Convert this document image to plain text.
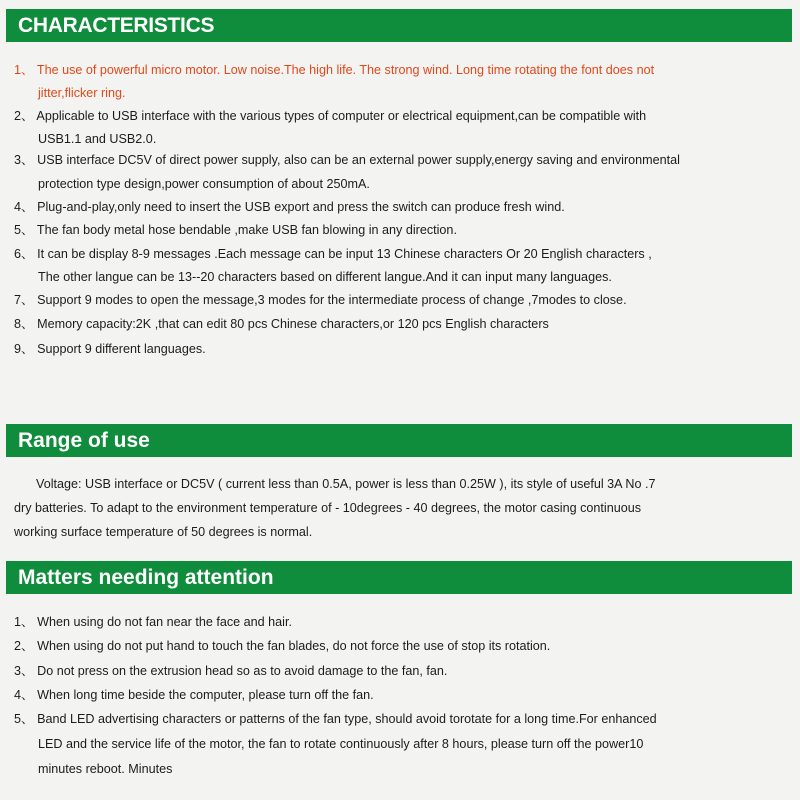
CHARACTERISTICS
1、 The use of powerful micro motor. Low noise.The high life. The strong wind. Long time rotating the font does not
jitter,flicker ring.
2、 Applicable to USB interface with the various types of computer or electrical equipment,can be compatible with
USB1.1 and USB2.0.
3、 USB interface DC5V of direct power supply, also can be an external power supply,energy saving and environmental
protection type design,power consumption of about 250mA.
4、 Plug-and-play,only need to insert the USB export and press the switch can produce fresh wind.
5、 The fan body metal hose bendable ,make USB fan blowing in any direction.
6、 It can be display 8-9 messages .Each message can be input 13 Chinese characters Or 20 English characters ,
The other langue can be 13--20 characters based on different langue.And it can input many languages.
7、 Support 9 modes to open the message,3 modes for the intermediate process of change ,7modes to close.
8、 Memory capacity:2K ,that can edit 80 pcs Chinese characters,or 120 pcs English characters
9、 Support 9 different languages.
Range of use
Voltage: USB interface or DC5V ( current less than 0.5A, power is less than 0.25W ), its style of useful 3A No .7
dry batteries. To adapt to the environment temperature of - 10degrees - 40 degrees, the motor casing continuous
working surface temperature of 50 degrees is normal.
Matters needing attention
1、 When using do not fan near the face and hair.
2、 When using do not put hand to touch the fan blades, do not force the use of stop its rotation.
3、 Do not press on the extrusion head so as to avoid damage to the fan, fan.
4、 When long time beside the computer, please turn off the fan.
5、 Band LED advertising characters or patterns of the fan type, should avoid torotate for a long time.For enhanced
LED and the service life of the motor, the fan to rotate continuously after 8 hours, please turn off the power10
minutes reboot. Minutes
